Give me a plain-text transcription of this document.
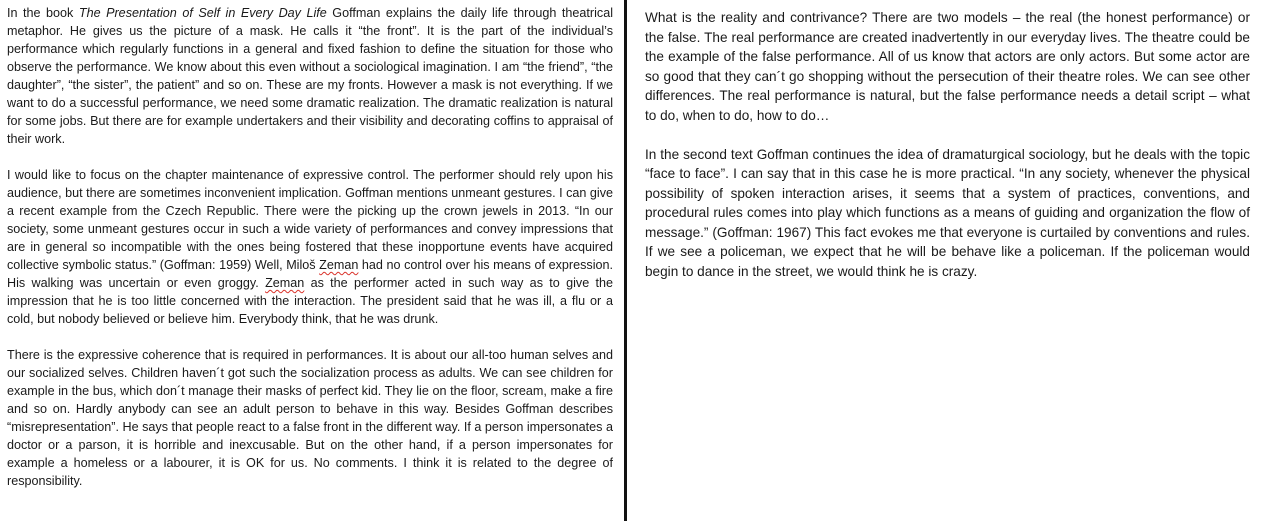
In the book The Presentation of Self in Every Day Life Goffman explains the daily life through theatrical metaphor. He gives us the picture of a mask. He calls it “the front”. It is the part of the individual’s performance which regularly functions in a general and fixed fashion to define the situation for those who observe the performance. We know about this even without a sociological imagination. I am “the friend”, “the daughter”, “the sister”, the patient” and so on. These are my fronts. However a mask is not everything. If we want to do a successful performance, we need some dramatic realization. The dramatic realization is natural for some jobs. But there are for example undertakers and their visibility and decorating coffins to appraisal of their work.

I would like to focus on the chapter maintenance of expressive control. The performer should rely upon his audience, but there are sometimes inconvenient implication. Goffman mentions unmeant gestures. I can give a recent example from the Czech Republic. There were the picking up the crown jewels in 2013. “In our society, some unmeant gestures occur in such a wide variety of performances and convey impressions that are in general so incompatible with the ones being fostered that these inopportune events have acquired collective symbolic status.” (Goffman: 1959) Well, Miloš Zeman had no control over his means of expression. His walking was uncertain or even groggy. Zeman as the performer acted in such way as to give the impression that he is too little concerned with the interaction. The president said that he was ill, a flu or a cold, but nobody believed or believe him. Everybody think, that he was drunk.

There is the expressive coherence that is required in performances. It is about our all-too human selves and our socialized selves. Children haven´t got such the socialization process as adults. We can see children for example in the bus, which don´t manage their masks of perfect kid. They lie on the floor, scream, make a fire and so on. Hardly anybody can see an adult person to behave in this way. Besides Goffman describes “misrepresentation”. He says that people react to a false front in the different way. If a person impersonates a doctor or a parson, it is horrible and inexcusable. But on the other hand, if a person impersonates for example a homeless or a labourer, it is OK for us. No comments. I think it is related to the degree of responsibility.

What is the reality and contrivance? There are two models – the real (the honest performance) or the false. The real performance are created inadvertently in our everyday lives. The theatre could be the example of the false performance. All of us know that actors are only actors. But some actor are so good that they can´t go shopping without the persecution of their theatre roles. We can see other differences. The real performance is natural, but the false performance needs a detail script – what to do, when to do, how to do…

In the second text Goffman continues the idea of dramaturgical sociology, but he deals with the topic “face to face”. I can say that in this case he is more practical. “In any society, whenever the physical possibility of spoken interaction arises, it seems that a system of practices, conventions, and procedural rules comes into play which functions as a means of guiding and organization the flow of message.” (Goffman: 1967) This fact evokes me that everyone is curtailed by conventions and rules. If we see a policeman, we expect that he will be behave like a policeman. If the policeman would begin to dance in the street, we would think he is crazy.
